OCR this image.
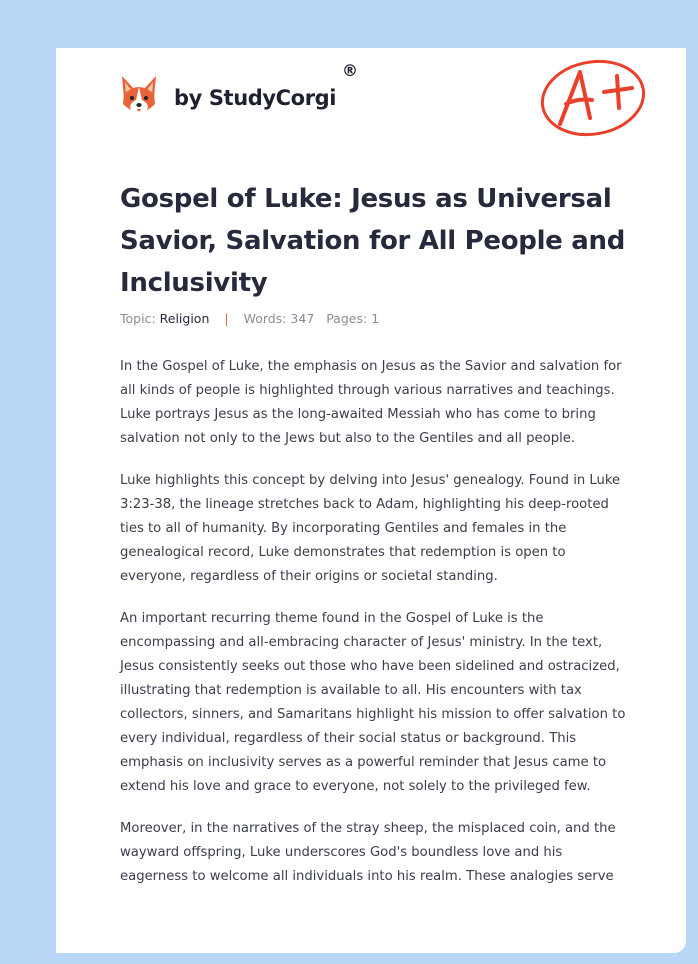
by StudyCorgi
®
Gospel of Luke: Jesus as Universal Savior, Salvation for All People and Inclusivity
Topic: Religion | Words: 347 Pages: 1

In the Gospel of Luke, the emphasis on Jesus as the Savior and salvation for all kinds of people is highlighted through various narratives and teachings. Luke portrays Jesus as the long-awaited Messiah who has come to bring salvation not only to the Jews but also to the Gentiles and all people.

Luke highlights this concept by delving into Jesus' genealogy. Found in Luke 3:23-38, the lineage stretches back to Adam, highlighting his deep-rooted ties to all of humanity. By incorporating Gentiles and females in the genealogical record, Luke demonstrates that redemption is open to everyone, regardless of their origins or societal standing.

An important recurring theme found in the Gospel of Luke is the encompassing and all-embracing character of Jesus' ministry. In the text, Jesus consistently seeks out those who have been sidelined and ostracized, illustrating that redemption is available to all. His encounters with tax collectors, sinners, and Samaritans highlight his mission to offer salvation to every individual, regardless of their social status or background. This emphasis on inclusivity serves as a powerful reminder that Jesus came to extend his love and grace to everyone, not solely to the privileged few.

Moreover, in the narratives of the stray sheep, the misplaced coin, and the wayward offspring, Luke underscores God's boundless love and his eagerness to welcome all individuals into his realm. These analogies serve
